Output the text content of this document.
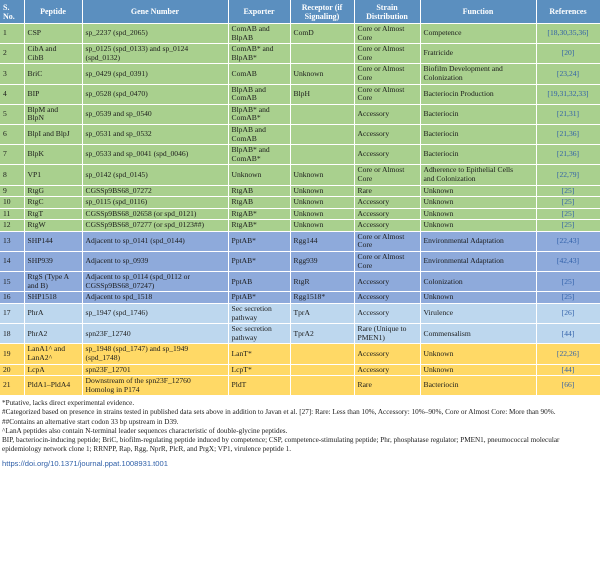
S.
No.	Peptide	Gene Number	Exporter	Receptor (if
Signaling)	Strain
Distribution	Function	References
1	CSP	sp_2237 (spd_2065)	ComAB and
BlpAB	ComD	Core or Almost
Core	Competence	[18,30,35,36]
2	CibA and
CibB	sp_0125 (spd_0133) and sp_0124
(spd_0132)	ComAB* and
BlpAB*		Core or Almost
Core	Fratricide	[20]
3	BriC	sp_0429 (spd_0391)	ComAB	Unknown	Core or Almost
Core	Biofilm Development and
Colonization	[23,24]
4	BIP	sp_0528 (spd_0470)	BlpAB and
ComAB	BlpH	Core or Almost
Core	Bacteriocin Production	[19,31,32,33]
5	BlpM and
BlpN	sp_0539 and sp_0540	BlpAB* and
ComAB*		Accessory	Bacteriocin	[21,31]
6	BlpI and BlpJ	sp_0531 and sp_0532	BlpAB and
ComAB		Accessory	Bacteriocin	[21,36]
7	BlpK	sp_0533 and sp_0041 (spd_0046)	BlpAB* and
ComAB*		Accessory	Bacteriocin	[21,36]
8	VP1	sp_0142 (spd_0145)	Unknown	Unknown	Core or Almost
Core	Adherence to Epithelial Cells
and Colonization	[22,79]
9	RtgG	CGSSp9BS68_07272	RtgAB	Unknown	Rare	Unknown	[25]
10	RtgC	sp_0115 (spd_0116)	RtgAB	Unknown	Accessory	Unknown	[25]
11	RtgT	CGSSp9BS68_02658 (or spd_0121)	RtgAB*	Unknown	Accessory	Unknown	[25]
12	RtgW	CGSSp9BS68_07277 (or spd_0123##)	RtgAB*	Unknown	Accessory	Unknown	[25]
13	SHP144	Adjacent to sp_0141 (spd_0144)	PptAB*	Rgg144	Core or Almost
Core	Environmental Adaptation	[22,43]
14	SHP939	Adjacent to sp_0939	PptAB*	Rgg939	Core or Almost
Core	Environmental Adaptation	[42,43]
15	RtgS (Type A
and B)	Adjacent to sp_0114 (spd_0112 or
CGSSp9BS68_07247)	PptAB	RtgR	Accessory	Colonization	[25]
16	SHP1518	Adjacent to spd_1518	PptAB*	Rgg1518*	Accessory	Unknown	[25]
17	PhrA	sp_1947 (spd_1746)	Sec secretion
pathway	TprA	Accessory	Virulence	[26]
18	PhrA2	spn23F_12740	Sec secretion
pathway	TprA2	Rare (Unique to
PMEN1)	Commensalism	[44]
19	LanA1^ and
LanA2^	sp_1948 (spd_1747) and sp_1949
(spd_1748)	LanT*		Accessory	Unknown	[22,26]
20	LcpA	spn23F_12701	LcpT*		Accessory	Unknown	[44]
21	PldA1–PldA4	Downstream of the spn23F_12760
Homolog in P174	PldT		Rare	Bacteriocin	[66]

*Putative, lacks direct experimental evidence.

#Categorized based on presence in strains tested in published data sets above in addition to Javan et al. [27]: Rare: Less than 10%, Accessory: 10%–90%, Core or Almost Core: More than 90%.

##Contains an alternative start codon 33 bp upstream in D39.

^LanA peptides also contain N-terminal leader sequences characteristic of double-glycine peptides.

BIP, bacteriocin-inducing peptide; BriC, biofilm-regulating peptide induced by competence; CSP, competence-stimulating peptide; Phr, phosphatase regulator; PMEN1, pneumococcal molecular epidemiology network clone 1; RRNPP, Rap, Rgg, NprR, PlcR, and PrgX; VP1, virulence peptide 1.

https://doi.org/10.1371/journal.ppat.1008931.t001
